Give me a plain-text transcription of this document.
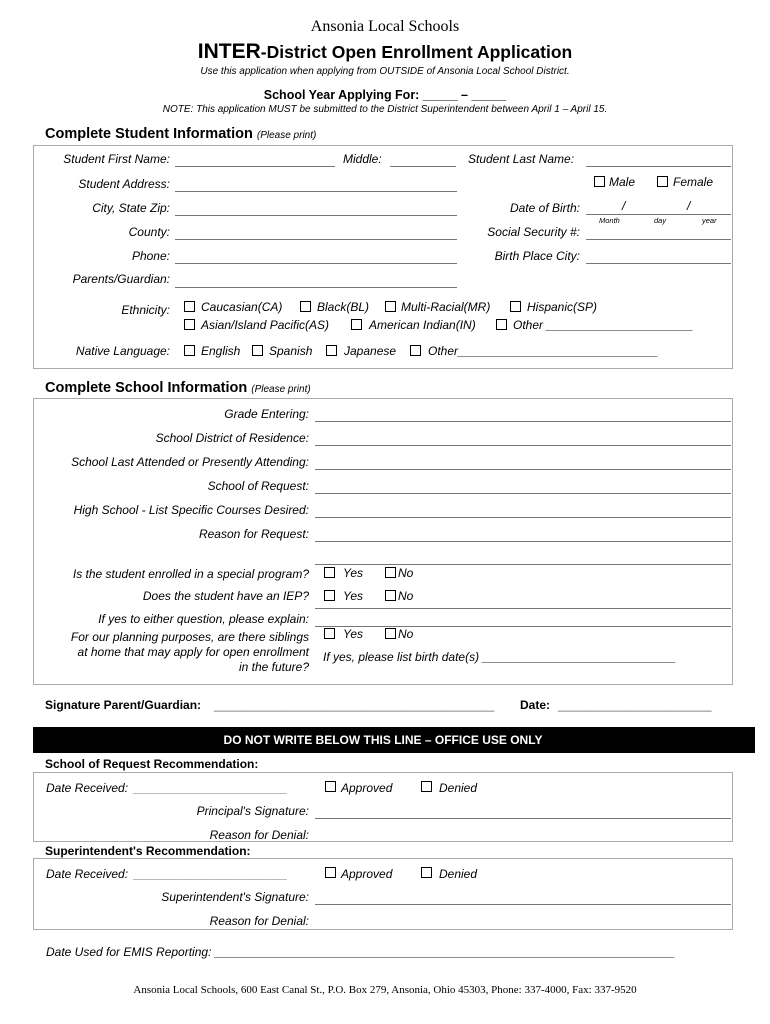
Ansonia Local Schools
INTER-District Open Enrollment Application
Use this application when applying from OUTSIDE of Ansonia Local School District.
School Year Applying For: _____ – _____
NOTE: This application MUST be submitted to the District Superintendent between April 1 – April 15.
Complete Student Information (Please print)
Student First Name:	Middle:	Student Last Name:
Student Address:	Male	Female
City, State Zip:	Date of Birth:	/	/
Month	day	year
County:	Social Security #:
Phone:	Birth Place City:
Parents/Guardian:
Ethnicity:	Caucasian(CA)	Black(BL)	Multi-Racial(MR)	Hispanic(SP)
Asian/Island Pacific(AS)	American Indian(IN)	Other ______________________
Native Language:	English Spanish	Japanese	Other______________________________
Complete School Information (Please print)
Grade Entering:
School District of Residence:
School Last Attended or Presently Attending:
School of Request:
High School - List Specific Courses Desired:
Reason for Request:
Is the student enrolled in a special program?	Yes	No
Does the student have an IEP?	Yes	No
If yes to either question, please explain:
For our planning purposes, are there siblings
at home that may apply for open enrollment
in the future?
Yes	No
If yes, please list birth date(s) _____________________________
Signature Parent/Guardian: __________________________________________ Date: _______________________
DO NOT WRITE BELOW THIS LINE – OFFICE USE ONLY
School of Request Recommendation:
Date Received: _______________________	Approved	Denied
Principal's Signature:
Reason for Denial:
Superintendent's Recommendation:
Date Received: _______________________	Approved	Denied
Superintendent's Signature:
Reason for Denial:
Date Used for EMIS Reporting: _____________________________________________________________________
Ansonia Local Schools, 600 East Canal St., P.O. Box 279, Ansonia, Ohio 45303, Phone: 337-4000, Fax: 337-9520
